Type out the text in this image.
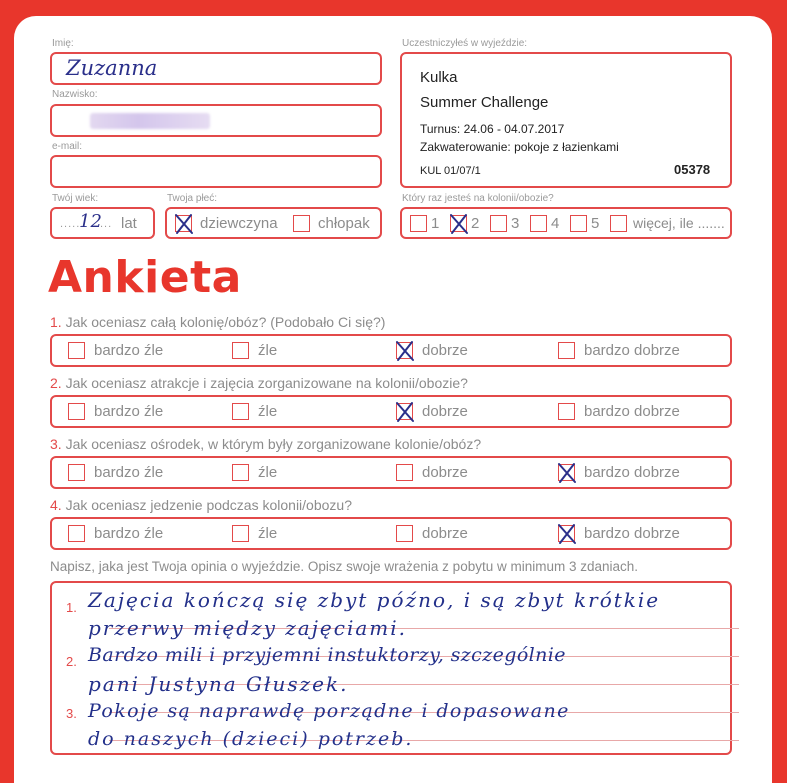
Imię:
Zuzanna
Nazwisko:
e-mail:
Twój wiek:
......
12
... lat
Twoja płeć:
dziewczyna	chłopak
Uczestniczyłeś w wyjeździe:
Kulka
Summer Challenge
Turnus: 24.06 - 04.07.2017
Zakwaterowanie: pokoje z łazienkami
KUL 01/07/1	05378
Który raz jesteś na kolonii/obozie?
1 2 3 4 5 więcej, ile .......
Ankieta
1. Jak oceniasz całą kolonię/obóz? (Podobało Ci się?)
bardzo źle	źle	dobrze	bardzo dobrze
2. Jak oceniasz atrakcje i zajęcia zorganizowane na kolonii/obozie?
bardzo źle	źle	dobrze	bardzo dobrze
3. Jak oceniasz ośrodek, w którym były zorganizowane kolonie/obóz?
bardzo źle	źle	dobrze	bardzo dobrze
4. Jak oceniasz jedzenie podczas kolonii/obozu?
bardzo źle	źle	dobrze	bardzo dobrze
Napisz, jaka jest Twoja opinia o wyjeździe. Opisz swoje wrażenia z pobytu w minimum 3 zdaniach.
1.
2.
3.
Zajęcia kończą się zbyt późno, i są zbyt krótkie
przerwy między zajęciami.
Bardzo mili i przyjemni instuktorzy, szczególnie
pani Justyna Głuszek.
Pokoje są naprawdę porządne i dopasowane
do naszych (dzieci) potrzeb.
